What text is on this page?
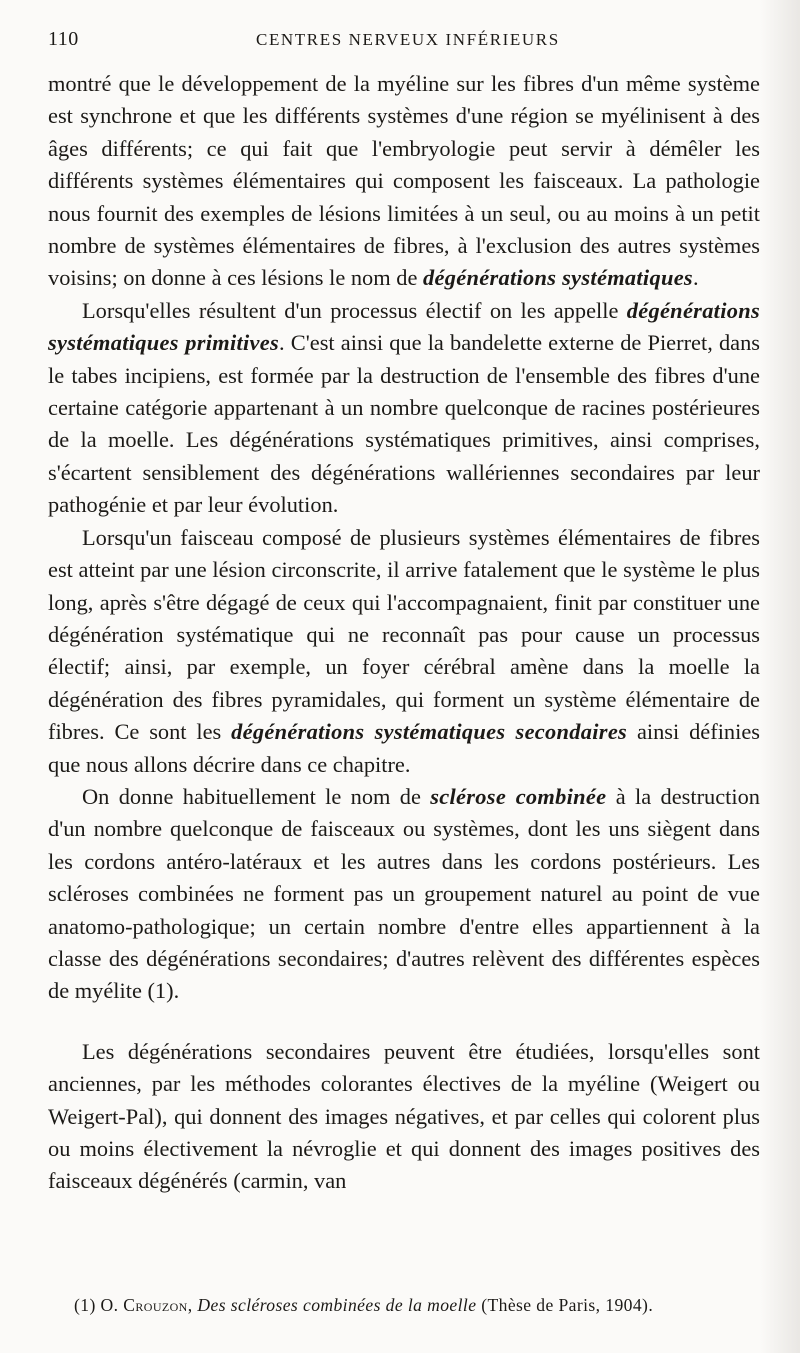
110	CENTRES NERVEUX INFÉRIEURS

montré que le développement de la myéline sur les fibres d'un même système est synchrone et que les différents systèmes d'une région se myélinisent à des âges différents; ce qui fait que l'embryologie peut servir à démêler les différents systèmes élémentaires qui composent les faisceaux. La pathologie nous fournit des exemples de lésions limitées à un seul, ou au moins à un petit nombre de systèmes élémentaires de fibres, à l'exclusion des autres systèmes voisins; on donne à ces lésions le nom de dégénérations systématiques.

Lorsqu'elles résultent d'un processus électif on les appelle dégénérations systématiques primitives. C'est ainsi que la bandelette externe de Pierret, dans le tabes incipiens, est formée par la destruction de l'ensemble des fibres d'une certaine catégorie appartenant à un nombre quelconque de racines postérieures de la moelle. Les dégénérations systématiques primitives, ainsi comprises, s'écartent sensiblement des dégénérations wallériennes secondaires par leur pathogénie et par leur évolution.

Lorsqu'un faisceau composé de plusieurs systèmes élémentaires de fibres est atteint par une lésion circonscrite, il arrive fatalement que le système le plus long, après s'être dégagé de ceux qui l'accompagnaient, finit par constituer une dégénération systématique qui ne reconnaît pas pour cause un processus électif; ainsi, par exemple, un foyer cérébral amène dans la moelle la dégénération des fibres pyramidales, qui forment un système élémentaire de fibres. Ce sont les dégénérations systématiques secondaires ainsi définies que nous allons décrire dans ce chapitre.

On donne habituellement le nom de sclérose combinée à la destruction d'un nombre quelconque de faisceaux ou systèmes, dont les uns siègent dans les cordons antéro-latéraux et les autres dans les cordons postérieurs. Les scléroses combinées ne forment pas un groupement naturel au point de vue anatomo-pathologique; un certain nombre d'entre elles appartiennent à la classe des dégénérations secondaires; d'autres relèvent des différentes espèces de myélite (1).

Les dégénérations secondaires peuvent être étudiées, lorsqu'elles sont anciennes, par les méthodes colorantes électives de la myéline (Weigert ou Weigert-Pal), qui donnent des images négatives, et par celles qui colorent plus ou moins électivement la névroglie et qui donnent des images positives des faisceaux dégénérés (carmin, van

(1) O. Crouzon, Des scléroses combinées de la moelle (Thèse de Paris, 1904).
